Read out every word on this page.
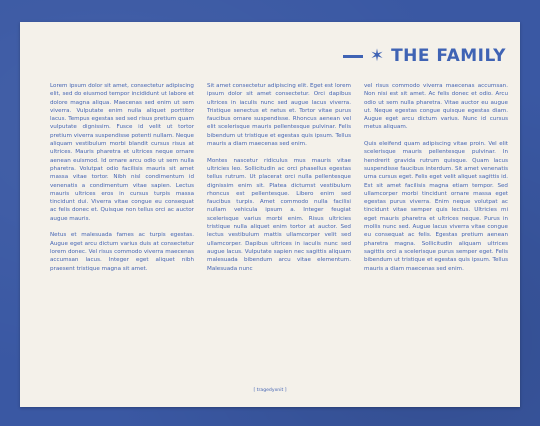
✶ THE FAMILY

Lorem ipsum dolor sit amet, consectetur adipiscing elit, sed do eiusmod tempor incididunt ut labore et dolore magna aliqua. Maecenas sed enim ut sem viverra. Vulputate enim nulla aliquet porttitor lacus. Tempus egestas sed sed risus pretium quam vulputate dignissim. Fusce id velit ut tortor pretium viverra suspendisse potenti nullam. Neque aliquam vestibulum morbi blandit cursus risus at ultrices. Mauris pharetra et ultrices neque ornare aenean euismod. Id ornare arcu odio ut sem nulla pharetra. Volutpat odio facilisis mauris sit amet massa vitae tortor. Nibh nisl condimentum id venenatis a condimentum vitae sapien. Lectus mauris ultrices eros in cursus turpis massa tincidunt dui. Viverra vitae congue eu consequat ac felis donec et. Quisque non tellus orci ac auctor augue mauris.

Netus et malesuada fames ac turpis egestas. Augue eget arcu dictum varius duis at consectetur lorem donec. Vel risus commodo viverra maecenas accumsan lacus. Integer eget aliquet nibh praesent tristique magna sit amet.

Sit amet consectetur adipiscing elit. Eget est lorem ipsum dolor sit amet consectetur. Orci dapibus ultrices in iaculis nunc sed augue lacus viverra. Tristique senectus et netus et. Tortor vitae purus faucibus ornare suspendisse. Rhoncus aenean vel elit scelerisque mauris pellentesque pulvinar. Felis bibendum ut tristique et egestas quis ipsum. Tellus mauris a diam maecenas sed enim.

Montes nascetur ridiculus mus mauris vitae ultricies leo. Sollicitudin ac orci phasellus egestas tellus rutrum. Ut placerat orci nulla pellentesque dignissim enim sit. Platea dictumst vestibulum rhoncus est pellentesque. Libero enim sed faucibus turpis. Amet commodo nulla facilisi nullam vehicula ipsum a. Integer feugiat scelerisque varius morbi enim. Risus ultricies tristique nulla aliquet enim tortor at auctor. Sed lectus vestibulum mattis ullamcorper velit sed ullamcorper. Dapibus ultrices in iaculis nunc sed augue lacus. Vulputate sapien nec sagittis aliquam malesuada bibendum arcu vitae elementum. Malesuada nunc

vel risus commodo viverra maecenas accumsan. Non nisi est sit amet. Ac felis donec et odio. Arcu odio ut sem nulla pharetra. Vitae auctor eu augue ut. Neque egestas congue quisque egestas diam. Augue eget arcu dictum varius. Nunc id cursus metus aliquam.

Quis eleifend quam adipiscing vitae proin. Vel elit scelerisque mauris pellentesque pulvinar. In hendrerit gravida rutrum quisque. Quam lacus suspendisse faucibus interdum. Sit amet venenatis urna cursus eget. Felis eget velit aliquet sagittis id. Est sit amet facilisis magna etiam tempor. Sed ullamcorper morbi tincidunt ornare massa eget egestas purus viverra. Enim neque volutpat ac tincidunt vitae semper quis lectus. Ultricies mi eget mauris pharetra et ultrices neque. Purus in mollis nunc sed. Augue lacus viverra vitae congue eu consequat ac felis. Egestas pretium aenean pharetra magna. Sollicitudin aliquam ultrices sagittis orci a scelerisque purus semper eget. Felis bibendum ut tristique et egestas quis ipsum. Tellus mauris a diam maecenas sed enim.

[ tragedyxnit ]
